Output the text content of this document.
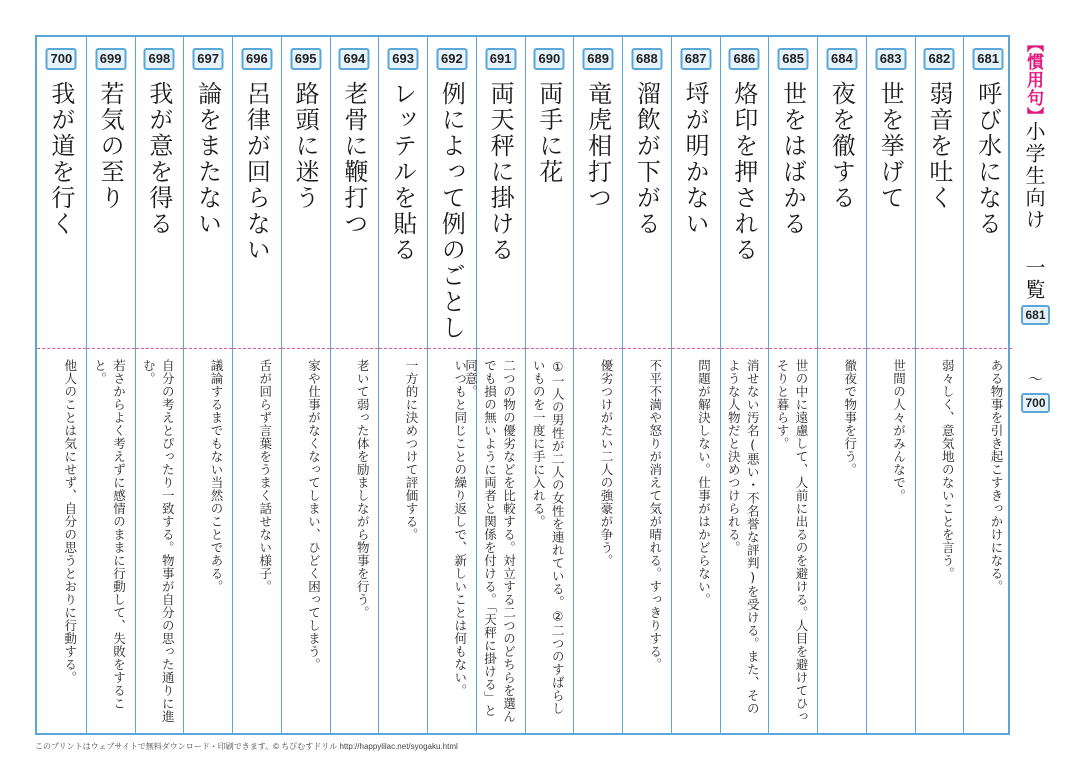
700
我が道を行く
他人のことは気にせず、自分の思うとおりに行動する。
699
若気の至り
若さからよく考えずに感情のままに行動して、失敗をすること。
698
我が意を得る
自分の考えとぴったり一致する。物事が自分の思った通りに進む。
697
論をまたない
議論するまでもない当然のことである。
696
呂律が回らない
舌が回らず言葉をうまく話せない様子。
695
路頭に迷う
家や仕事がなくなってしまい、ひどく困ってしまう。
694
老骨に鞭打つ
老いて弱った体を励ましながら物事を行う。
693
レッテルを貼る
一方的に決めつけて評価する。
692
例によって例のごとし
いつもと同じことの繰り返しで、新しいことは何もない。
691
両天秤に掛ける
二つの物の優劣などを比較する。対立する二つのどちらを選んでも損の無いように両者と関係を付ける。「天秤に掛ける」と同意。
690
両手に花
①一人の男性が二人の女性を連れている。②二つのすばらしいものを一度に手に入れる。
689
竜虎相打つ
優劣つけがたい二人の強豪が争う。
688
溜飲が下がる
不平不満や怒りが消えて気が晴れる。すっきりする。
687
埒が明かない
問題が解決しない。仕事がはかどらない。
686
烙印を押される
消せない汚名(悪い・不名誉な評判)を受ける。また、そのような人物だと決めつけられる。
685
世をはばかる
世の中に遠慮して、人前に出るのを避ける。人目を避けてひっそりと暮らす。
684
夜を徹する
徹夜で物事を行う。
683
世を挙げて
世間の人々がみんなで。
682
弱音を吐く
弱々しく、意気地のないことを言う。
681
呼び水になる
ある物事を引き起こすきっかけになる。
【慣用句】
小学生向け 一覧
681
～
700
このプリントはウェブサイトで無料ダウンロード・印刷できます。© ちびむすドリル http://happylilac.net/syogaku.html
